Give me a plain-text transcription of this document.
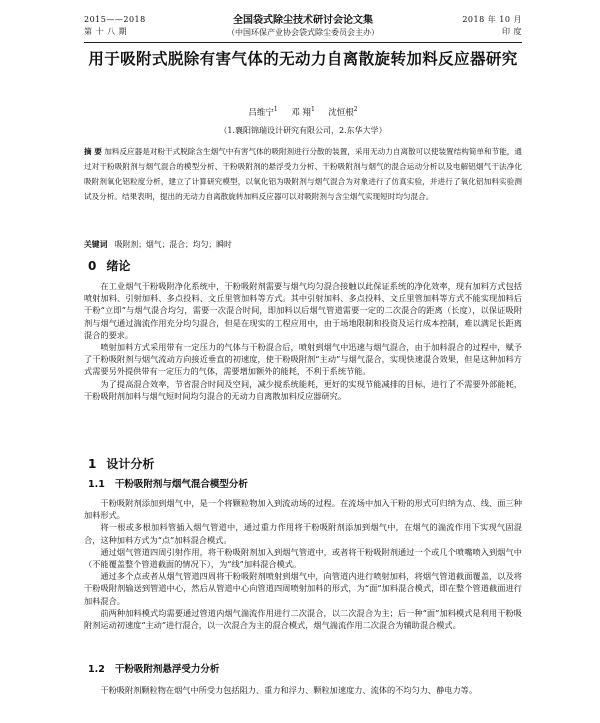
2015——2018
第 十 八 期
全国袋式除尘技术研讨会论文集
（中国环保产业协会袋式除尘委员会主办）
2018 年 10 月
印 度
用于吸附式脱除有害气体的无动力自离散旋转加料反应器研究
吕维宁$^1$ 邓 翔$^1$ 沈恒根$^2$
（1.襄阳锦瑞设计研究有限公司，2.东华大学）
摘 要 加料反应器是对粉干式脱除含生烟气中有害气体的吸附剂进行分散的装置，采用无动力自离散可以使装置结构简单和节能，通过对干粉吸附剂与烟气混合的模型分析、干粉吸附剂的悬浮受力分析、干粉吸附剂与烟气的混合运动分析以及电解铝烟气干法净化吸附剂氧化铝粒度分析，建立了计算研究模型，以氧化铝为吸附剂与烟气混合为对象进行了仿真实验，并进行了氧化铝加料实验测试及分析。结果表明，提出的无动力自离散旋转加料反应器可以对吸附剂与含尘烟气实现短时均匀混合。
关键词 吸附剂；烟气；混合；均匀；瞬时
0 绪论

在工业烟气干粉吸附净化系统中，干粉吸附剂需要与烟气均匀混合接触以此保证系统的净化效率，现有加料方式包括喷射加料、引射加料、多点投料、文丘里管加料等方式。其中引射加料、多点投料、文丘里管加料等方式不能实现加料后干粉“立即”与烟气混合均匀，需要一次混合时间，即加料以后烟气管道需要一定的二次混合的距离（长度），以保证吸附剂与烟气通过湍流作用充分均匀混合，但是在现实的工程应用中，由于场地限制和投资及运行成本控制，难以满足长距离混合的要求。

喷射加料方式采用带有一定压力的气体与干粉混合后，喷射到烟气中迅速与烟气混合，由于加料混合的过程中，赋予了干粉吸附剂与烟气流动方向接近垂直的初速度，使干粉吸附剂“主动”与烟气混合，实现快速混合效果，但是这种加料方式需要另外提供带有一定压力的气体，需要增加额外的能耗，不利于系统节能。

为了提高混合效率，节省混合时间及空间，减少搅系统能耗，更好的实现节能减排的目标，进行了不需要外部能耗，干粉吸附剂加料与烟气短时间均匀混合的无动力自离散加料反应器研究。

1 设计分析
1.1 干粉吸附剂与烟气混合模型分析

干粉吸附剂添加到烟气中，是一个将颗粒物加入到流动场的过程。在流场中加入干粉的形式可归纳为点、线、面三种加料形式。

将一根或多根加料管插入烟气管道中，通过重力作用将干粉吸附剂添加到烟气中，在烟气的湍流作用下实现气固混合，这种加料方式为“点”加料混合模式。

通过烟气管道四周引射作用，将干粉吸附剂加入到烟气管道中，或者将干粉吸附剂通过一个或几个喷嘴喷入到烟气中（不能覆盖整个管道截面的情况下），为“线”加料混合模式。

通过多个点或者从烟气管道四周将干粉吸附剂喷射到烟气中，向管道内进行喷射加料，将烟气管道截面覆盖，以及将干粉吸附剂输送到管道中心，然后从管道中心向管道四周喷射加料的形式，为“面”加料混合模式，即在整个管道截面进行加料混合。

前两种加料模式均需要通过管道内烟气湍流作用进行二次混合，以二次混合为主；后一种“面”加料模式是利用干粉吸附剂运动初速度“主动”进行混合，以一次混合为主的混合模式，烟气湍流作用二次混合为辅助混合模式。

1.2 干粉吸附剂悬浮受力分析

干粉吸附剂颗粒物在烟气中所受力包括阻力、重力和浮力、颗粒加速度力、流体的不均匀力、静电力等。
